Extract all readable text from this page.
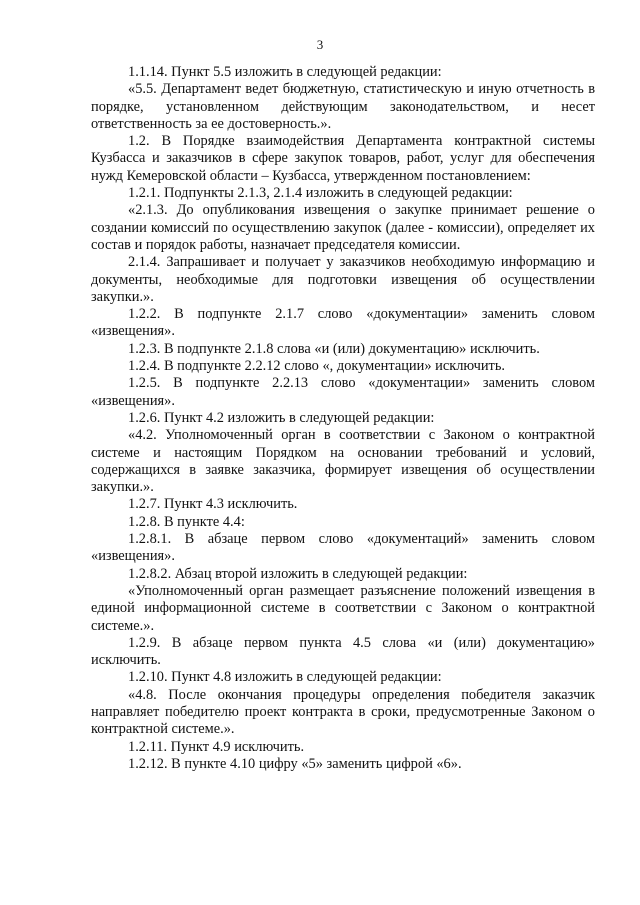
3

1.1.14. Пункт 5.5 изложить в следующей редакции:

«5.5. Департамент ведет бюджетную, статистическую и иную отчетность в порядке, установленном действующим законодательством, и несет ответственность за ее достоверность.».

1.2. В Порядке взаимодействия Департамента контрактной системы Кузбасса и заказчиков в сфере закупок товаров, работ, услуг для обеспечения нужд Кемеровской области – Кузбасса, утвержденном постановлением:

1.2.1. Подпункты 2.1.3, 2.1.4 изложить в следующей редакции:

«2.1.3. До опубликования извещения о закупке принимает решение о создании комиссий по осуществлению закупок (далее - комиссии), определяет их состав и порядок работы, назначает председателя комиссии.

2.1.4. Запрашивает и получает у заказчиков необходимую информацию и документы, необходимые для подготовки извещения об осуществлении закупки.».

1.2.2. В подпункте 2.1.7 слово «документации» заменить словом «извещения».

1.2.3. В подпункте 2.1.8 слова «и (или) документацию» исключить.

1.2.4. В подпункте 2.2.12 слово «, документации» исключить.

1.2.5. В подпункте 2.2.13 слово «документации» заменить словом «извещения».

1.2.6. Пункт 4.2 изложить в следующей редакции:

«4.2. Уполномоченный орган в соответствии с Законом о контрактной системе и настоящим Порядком на основании требований и условий, содержащихся в заявке заказчика, формирует извещения об осуществлении закупки.».

1.2.7. Пункт 4.3 исключить.

1.2.8. В пункте 4.4:

1.2.8.1. В абзаце первом слово «документаций» заменить словом «извещения».

1.2.8.2. Абзац второй изложить в следующей редакции:

«Уполномоченный орган размещает разъяснение положений извещения в единой информационной системе в соответствии с Законом о контрактной системе.».

1.2.9. В абзаце первом пункта 4.5 слова «и (или) документацию» исключить.

1.2.10. Пункт 4.8 изложить в следующей редакции:

«4.8. После окончания процедуры определения победителя заказчик направляет победителю проект контракта в сроки, предусмотренные Законом о контрактной системе.».

1.2.11. Пункт 4.9 исключить.

1.2.12. В пункте 4.10 цифру «5» заменить цифрой «6».
